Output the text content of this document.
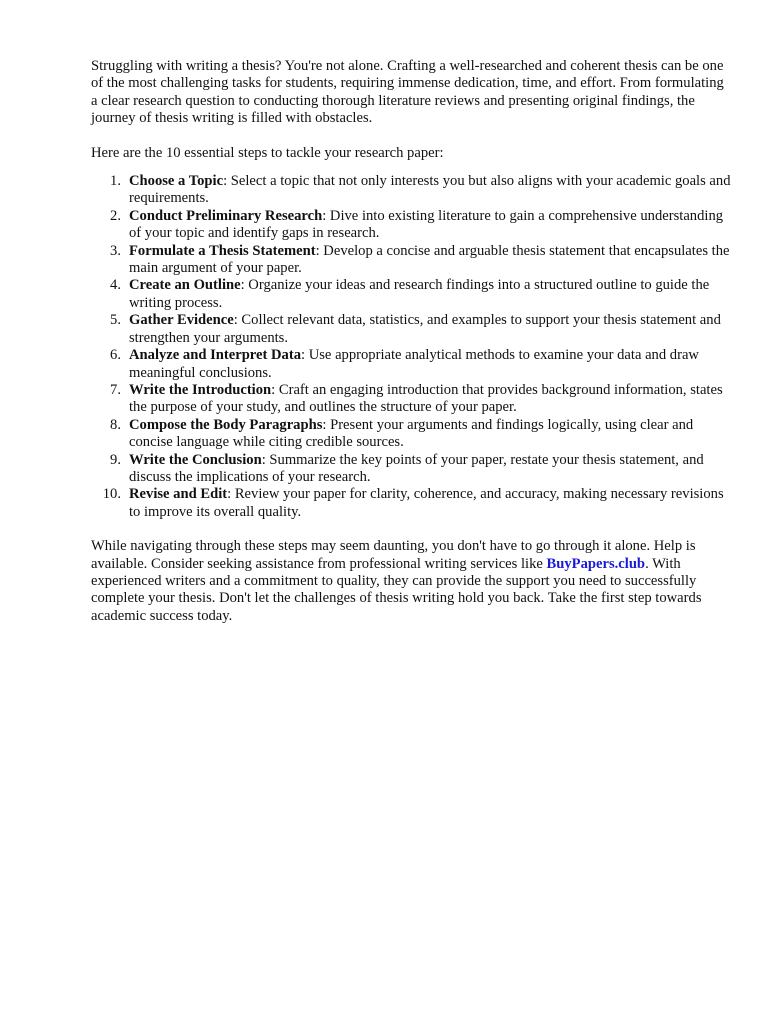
Struggling with writing a thesis? You're not alone. Crafting a well-researched and coherent thesis can be one of the most challenging tasks for students, requiring immense dedication, time, and effort. From formulating a clear research question to conducting thorough literature reviews and presenting original findings, the journey of thesis writing is filled with obstacles.

Here are the 10 essential steps to tackle your research paper:

1. Choose a Topic: Select a topic that not only interests you but also aligns with your academic goals and requirements.
2. Conduct Preliminary Research: Dive into existing literature to gain a comprehensive understanding of your topic and identify gaps in research.
3. Formulate a Thesis Statement: Develop a concise and arguable thesis statement that encapsulates the main argument of your paper.
4. Create an Outline: Organize your ideas and research findings into a structured outline to guide the writing process.
5. Gather Evidence: Collect relevant data, statistics, and examples to support your thesis statement and strengthen your arguments.
6. Analyze and Interpret Data: Use appropriate analytical methods to examine your data and draw meaningful conclusions.
7. Write the Introduction: Craft an engaging introduction that provides background information, states the purpose of your study, and outlines the structure of your paper.
8. Compose the Body Paragraphs: Present your arguments and findings logically, using clear and concise language while citing credible sources.
9. Write the Conclusion: Summarize the key points of your paper, restate your thesis statement, and discuss the implications of your research.
10. Revise and Edit: Review your paper for clarity, coherence, and accuracy, making necessary revisions to improve its overall quality.

While navigating through these steps may seem daunting, you don't have to go through it alone. Help is available. Consider seeking assistance from professional writing services like BuyPapers.club. With experienced writers and a commitment to quality, they can provide the support you need to successfully complete your thesis. Don't let the challenges of thesis writing hold you back. Take the first step towards academic success today.
